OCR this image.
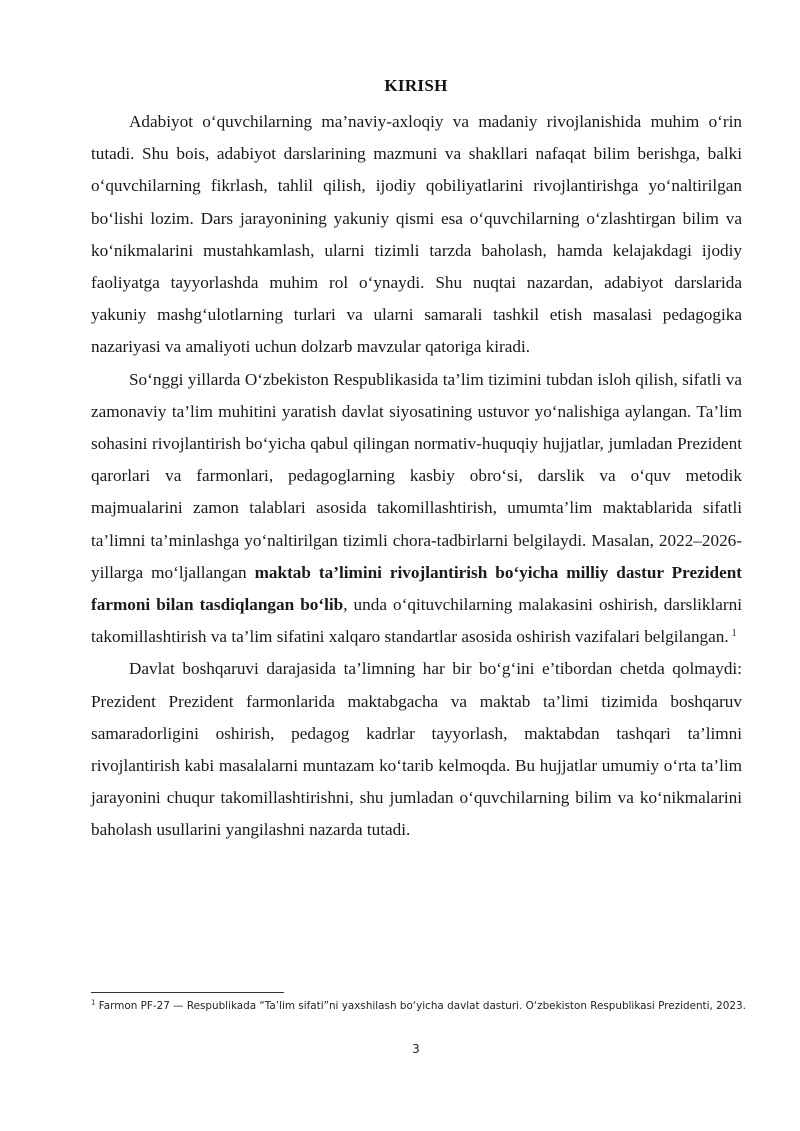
KIRISH

Adabiyot o‘quvchilarning ma’naviy-axloqiy va madaniy rivojlanishida muhim o‘rin tutadi. Shu bois, adabiyot darslarining mazmuni va shakllari nafaqat bilim berishga, balki o‘quvchilarning fikrlash, tahlil qilish, ijodiy qobiliyatlarini rivojlantirishga yo‘naltirilgan bo‘lishi lozim. Dars jarayonining yakuniy qismi esa o‘quvchilarning o‘zlashtirgan bilim va ko‘nikmalarini mustahkamlash, ularni tizimli tarzda baholash, hamda kelajakdagi ijodiy faoliyatga tayyorlashda muhim rol o‘ynaydi. Shu nuqtai nazardan, adabiyot darslarida yakuniy mashg‘ulotlarning turlari va ularni samarali tashkil etish masalasi pedagogika nazariyasi va amaliyoti uchun dolzarb mavzular qatoriga kiradi.

So‘nggi yillarda O‘zbekiston Respublikasida ta’lim tizimini tubdan isloh qilish, sifatli va zamonaviy ta’lim muhitini yaratish davlat siyosatining ustuvor yo‘nalishiga aylangan. Ta’lim sohasini rivojlantirish bo‘yicha qabul qilingan normativ-huquqiy hujjatlar, jumladan Prezident qarorlari va farmonlari, pedagoglarning kasbiy obro‘si, darslik va o‘quv metodik majmualarini zamon talablari asosida takomillashtirish, umumta’lim maktablarida sifatli ta’limni ta’minlashga yo‘naltirilgan tizimli chora-tadbirlarni belgilaydi. Masalan, 2022–2026-yillarga mo‘ljallangan maktab ta’limini rivojlantirish bo‘yicha milliy dastur Prezident farmoni bilan tasdiqlangan bo‘lib, unda o‘qituvchilarning malakasini oshirish, darsliklarni takomillashtirish va ta’lim sifatini xalqaro standartlar asosida oshirish vazifalari belgilangan. $^1$

Davlat boshqaruvi darajasida ta’limning har bir bo‘g‘ini e’tibordan chetda qolmaydi: Prezident Prezident farmonlarida maktabgacha va maktab ta’limi tizimida boshqaruv samaradorligini oshirish, pedagog kadrlar tayyorlash, maktabdan tashqari ta’limni rivojlantirish kabi masalalarni muntazam ko‘tarib kelmoqda. Bu hujjatlar umumiy o‘rta ta’lim jarayonini chuqur takomillashtirishni, shu jumladan o‘quvchilarning bilim va ko‘nikmalarini baholash usullarini yangilashni nazarda tutadi.

$^1$ Farmon PF-27 — Respublikada “Ta’lim sifati”ni yaxshilash bo‘yicha davlat dasturi. O‘zbekiston Respublikasi Prezidenti, 2023.
3
